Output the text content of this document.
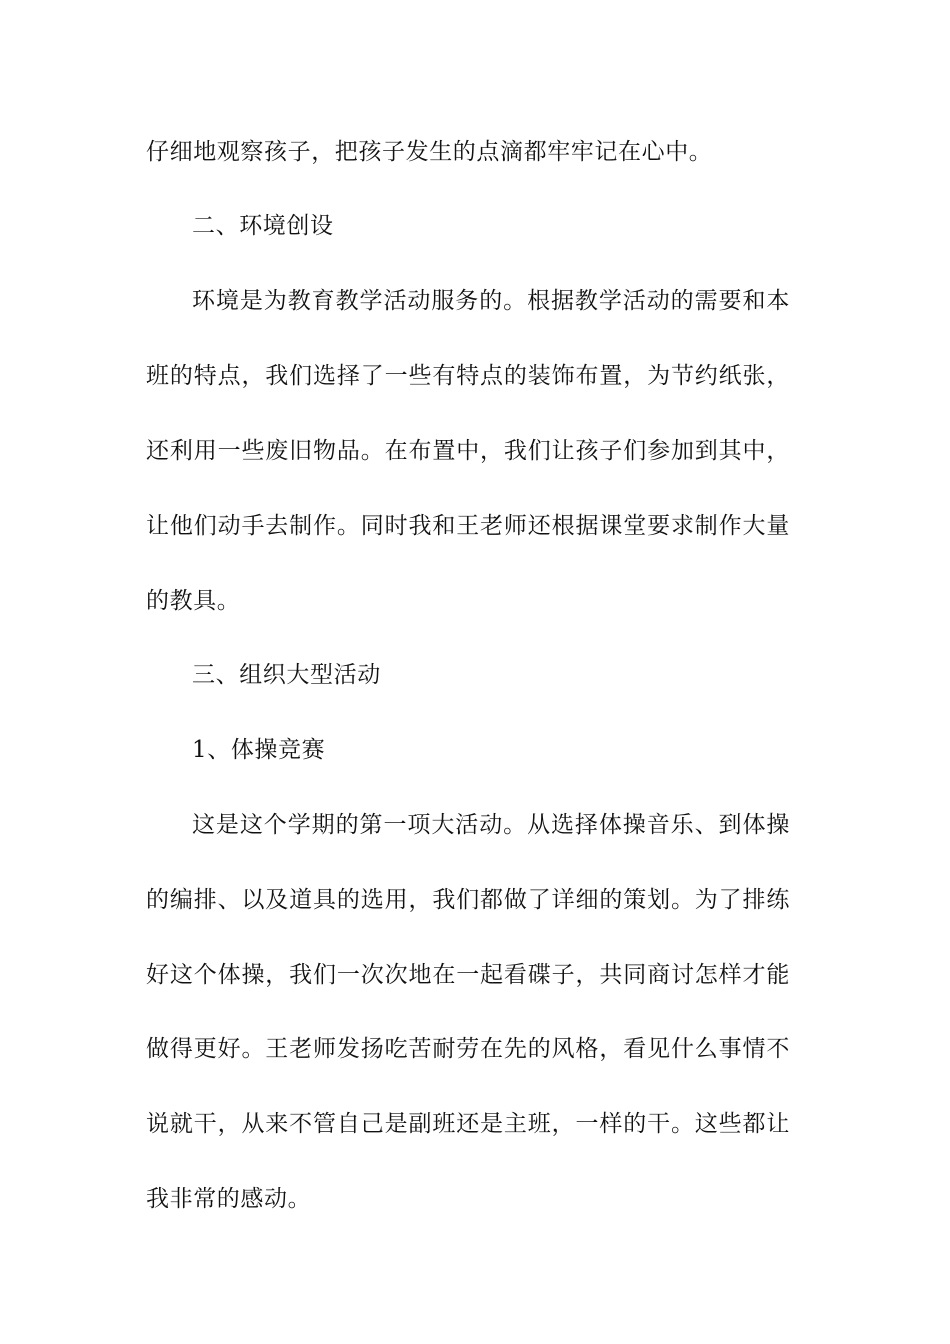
仔细地观察孩子，把孩子发生的点滴都牢牢记在心中。
二、环境创设
环境是为教育教学活动服务的。根据教学活动的需要和本
班的特点，我们选择了一些有特点的装饰布置，为节约纸张，
还利用一些废旧物品。在布置中，我们让孩子们参加到其中，
让他们动手去制作。同时我和王老师还根据课堂要求制作大量
的教具。
三、组织大型活动
1、体操竞赛
这是这个学期的第一项大活动。从选择体操音乐、到体操
的编排、以及道具的选用，我们都做了详细的策划。为了排练
好这个体操，我们一次次地在一起看碟子，共同商讨怎样才能
做得更好。王老师发扬吃苦耐劳在先的风格，看见什么事情不
说就干，从来不管自己是副班还是主班，一样的干。这些都让
我非常的感动。
